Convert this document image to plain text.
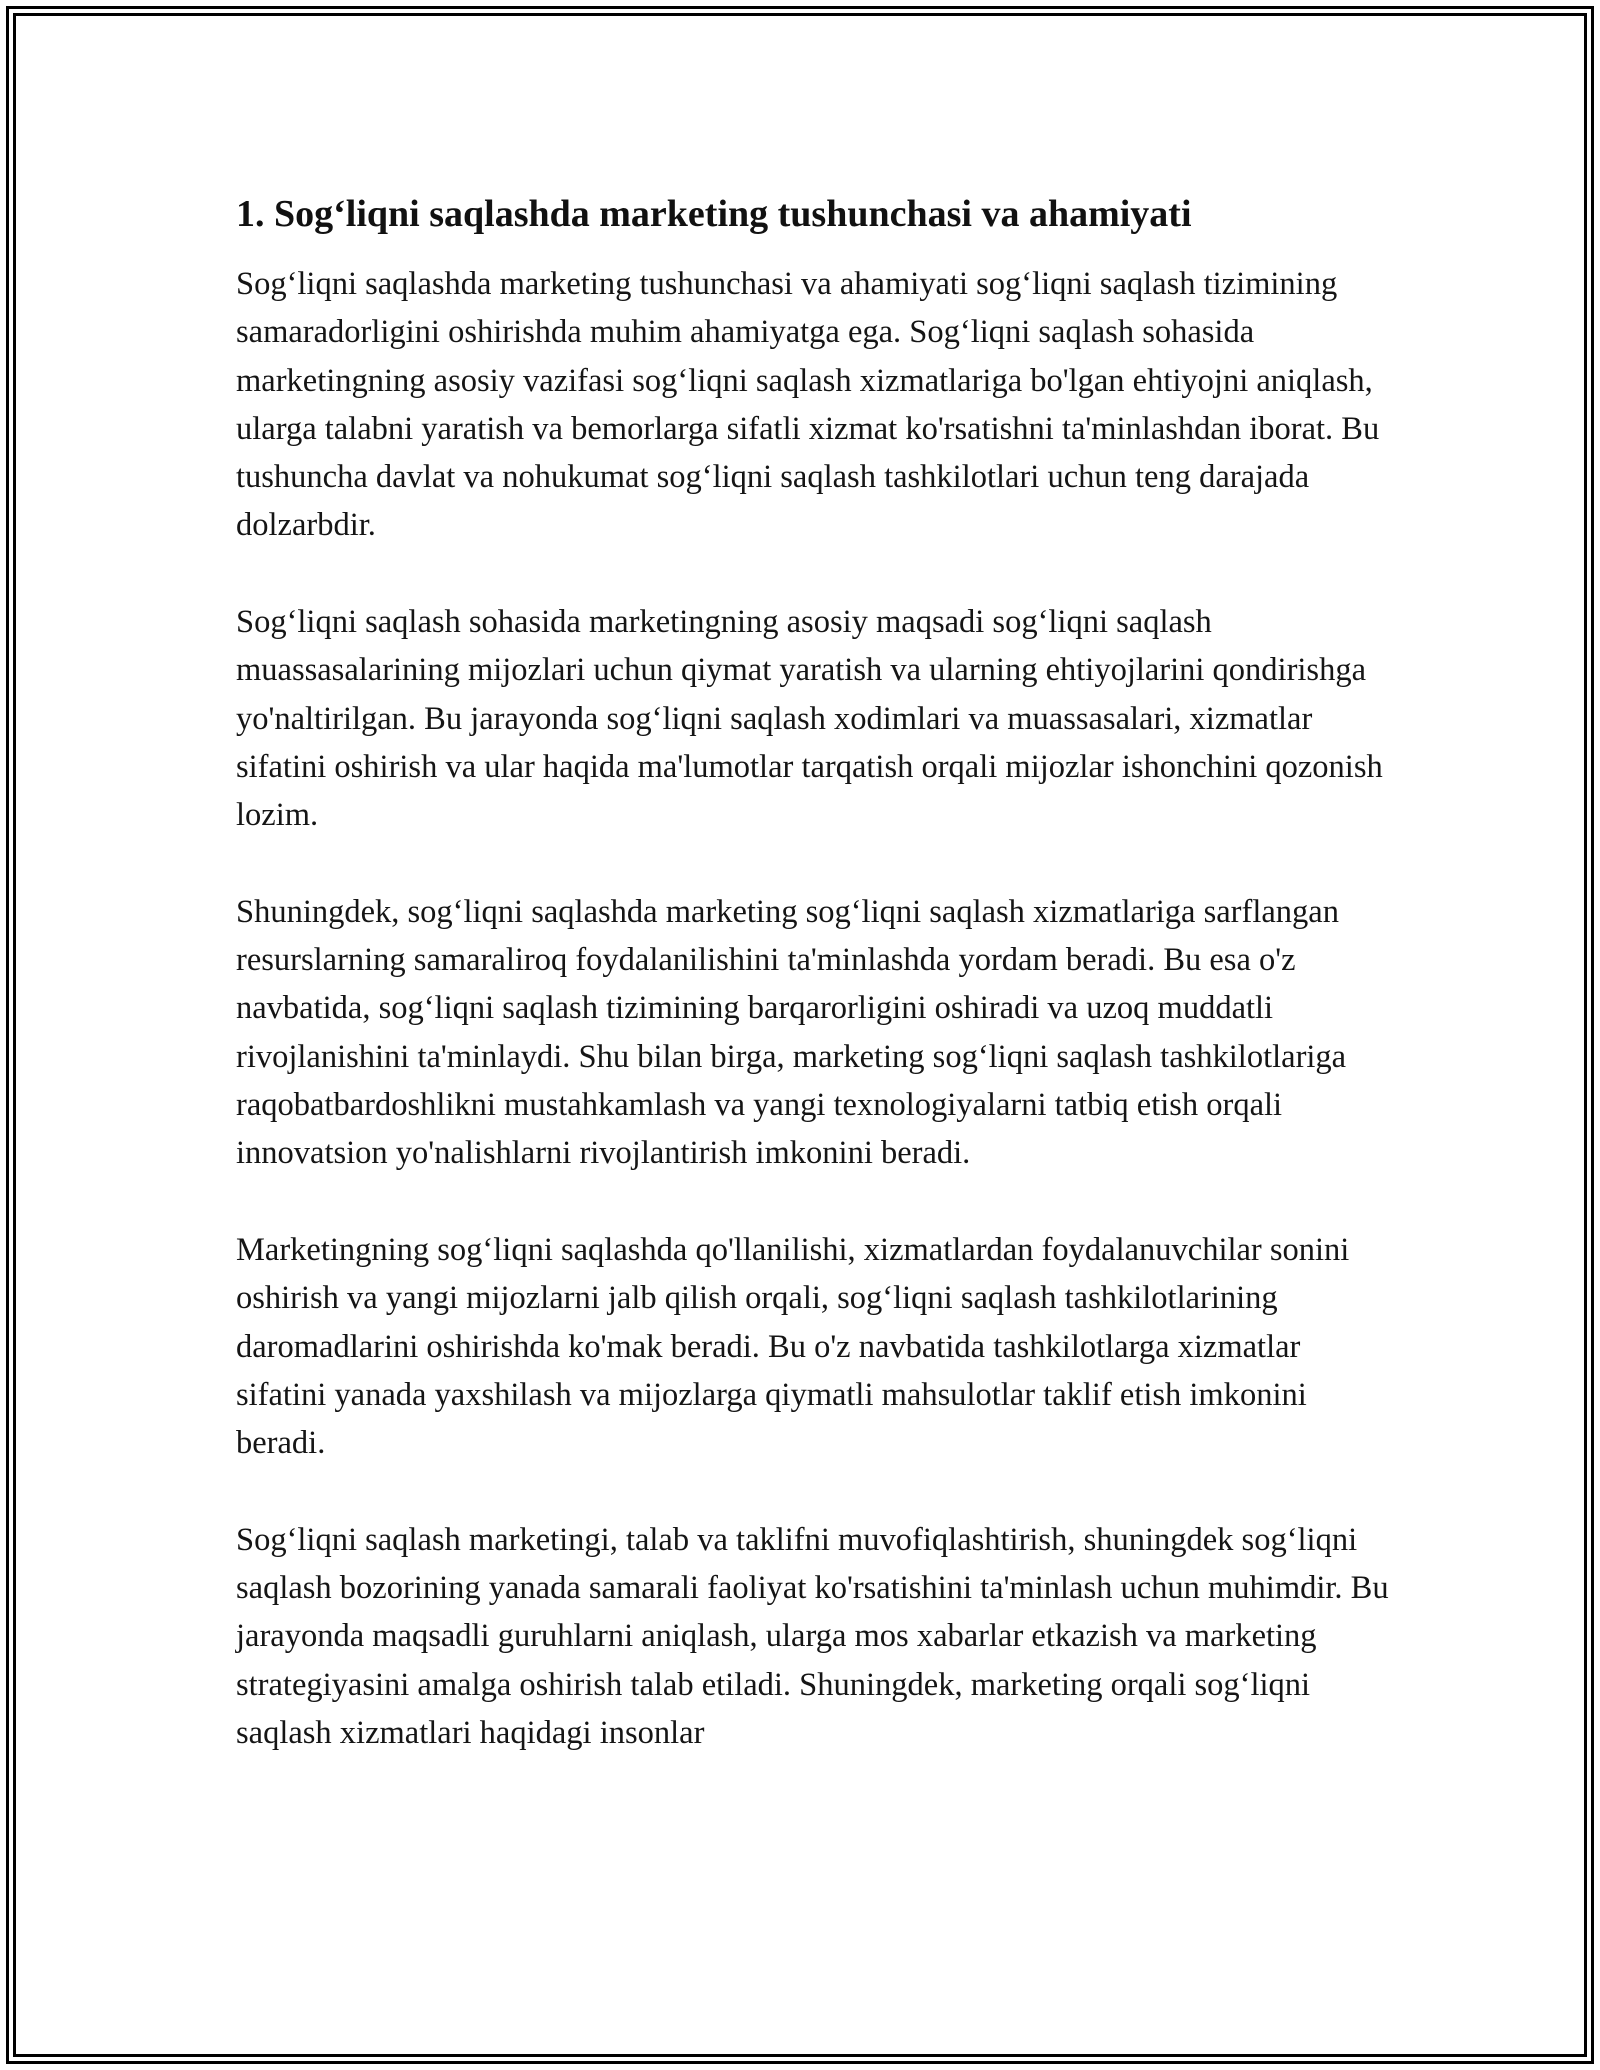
1. Sog‘liqni saqlashda marketing tushunchasi va ahamiyati

Sog‘liqni saqlashda marketing tushunchasi va ahamiyati sog‘liqni saqlash tizimining samaradorligini oshirishda muhim ahamiyatga ega. Sog‘liqni saqlash sohasida marketingning asosiy vazifasi sog‘liqni saqlash xizmatlariga bo'lgan ehtiyojni aniqlash, ularga talabni yaratish va bemorlarga sifatli xizmat ko'rsatishni ta'minlashdan iborat. Bu tushuncha davlat va nohukumat sog‘liqni saqlash tashkilotlari uchun teng darajada dolzarbdir.

Sog‘liqni saqlash sohasida marketingning asosiy maqsadi sog‘liqni saqlash muassasalarining mijozlari uchun qiymat yaratish va ularning ehtiyojlarini qondirishga yo'naltirilgan. Bu jarayonda sog‘liqni saqlash xodimlari va muassasalari, xizmatlar sifatini oshirish va ular haqida ma'lumotlar tarqatish orqali mijozlar ishonchini qozonish lozim.

Shuningdek, sog‘liqni saqlashda marketing sog‘liqni saqlash xizmatlariga sarflangan resurslarning samaraliroq foydalanilishini ta'minlashda yordam beradi. Bu esa o'z navbatida, sog‘liqni saqlash tizimining barqarorligini oshiradi va uzoq muddatli rivojlanishini ta'minlaydi. Shu bilan birga, marketing sog‘liqni saqlash tashkilotlariga raqobatbardoshlikni mustahkamlash va yangi texnologiyalarni tatbiq etish orqali innovatsion yo'nalishlarni rivojlantirish imkonini beradi.

Marketingning sog‘liqni saqlashda qo'llanilishi, xizmatlardan foydalanuvchilar sonini oshirish va yangi mijozlarni jalb qilish orqali, sog‘liqni saqlash tashkilotlarining daromadlarini oshirishda ko'mak beradi. Bu o'z navbatida tashkilotlarga xizmatlar sifatini yanada yaxshilash va mijozlarga qiymatli mahsulotlar taklif etish imkonini beradi.

Sog‘liqni saqlash marketingi, talab va taklifni muvofiqlashtirish, shuningdek sog‘liqni saqlash bozorining yanada samarali faoliyat ko'rsatishini ta'minlash uchun muhimdir. Bu jarayonda maqsadli guruhlarni aniqlash, ularga mos xabarlar etkazish va marketing strategiyasini amalga oshirish talab etiladi. Shuningdek, marketing orqali sog‘liqni saqlash xizmatlari haqidagi insonlar
